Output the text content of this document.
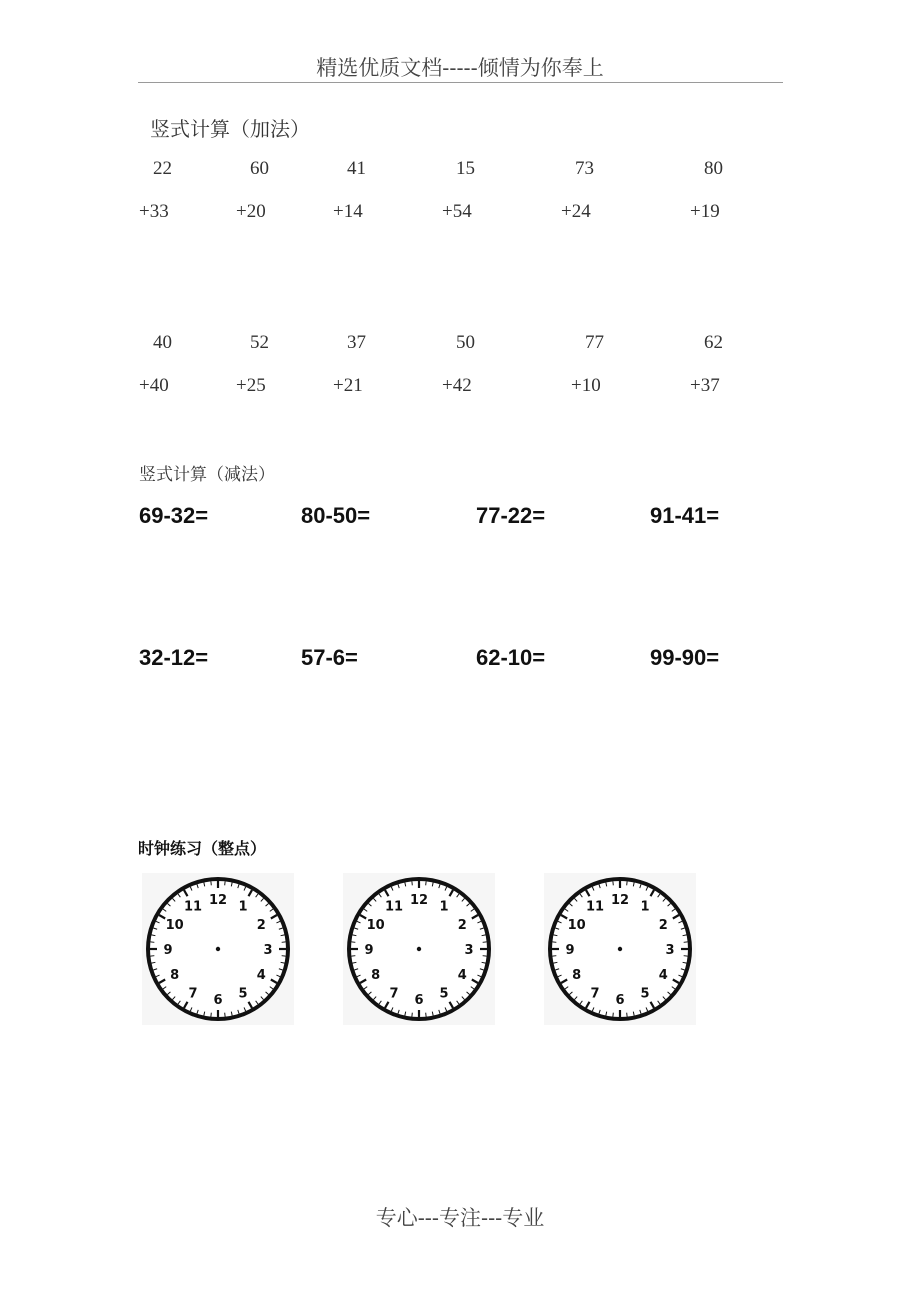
精选优质文档-----倾情为你奉上
竖式计算（加法）
22
+33
60
+20
41
+14
15
+54
73
+24
80
+19
40
+40
52
+25
37
+21
50
+42
77
+10
62
+37
竖式计算（减法）
69-32=	80-50=	77-22=	91-41=
32-12=	57-6=	62-10=	99-90=
时钟练习（整点）
12 1
2
3
4
5
6
7
8
9
10
11	12 1
2
3
4
5
6
7
8
9
10
11	12 1
2
3
4
5
6
7
8
9
10
11
专心---专注---专业
